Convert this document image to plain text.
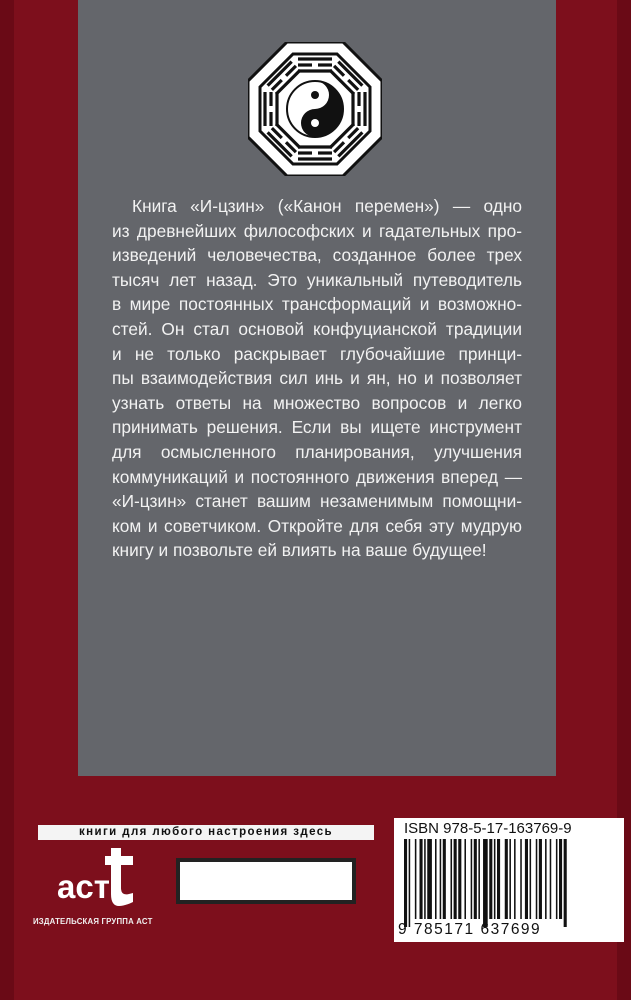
Книга «И-цзин» («Канон перемен») — одно
из древнейших философских и гадательных про-
изведений человечества, созданное более трех
тысяч лет назад. Это уникальный путеводитель
в мире постоянных трансформаций и возможно-
стей. Он стал основой конфуцианской традиции
и не только раскрывает глубочайшие принци-
пы взаимодействия сил инь и ян, но и позволяет
узнать ответы на множество вопросов и легко
принимать решения. Если вы ищете инструмент
для осмысленного планирования, улучшения
коммуникаций и постоянного движения вперед —
«И-цзин» станет вашим незаменимым помощни-
ком и советчиком. Откройте для себя эту мудрую
книгу и позвольте ей влиять на ваше будущее!
книги для любого настроения здесь
аст
ИЗДАТЕЛЬСКАЯ ГРУППА АСТ
ISBN 978-5-17-163769-9
9 785171 637699
